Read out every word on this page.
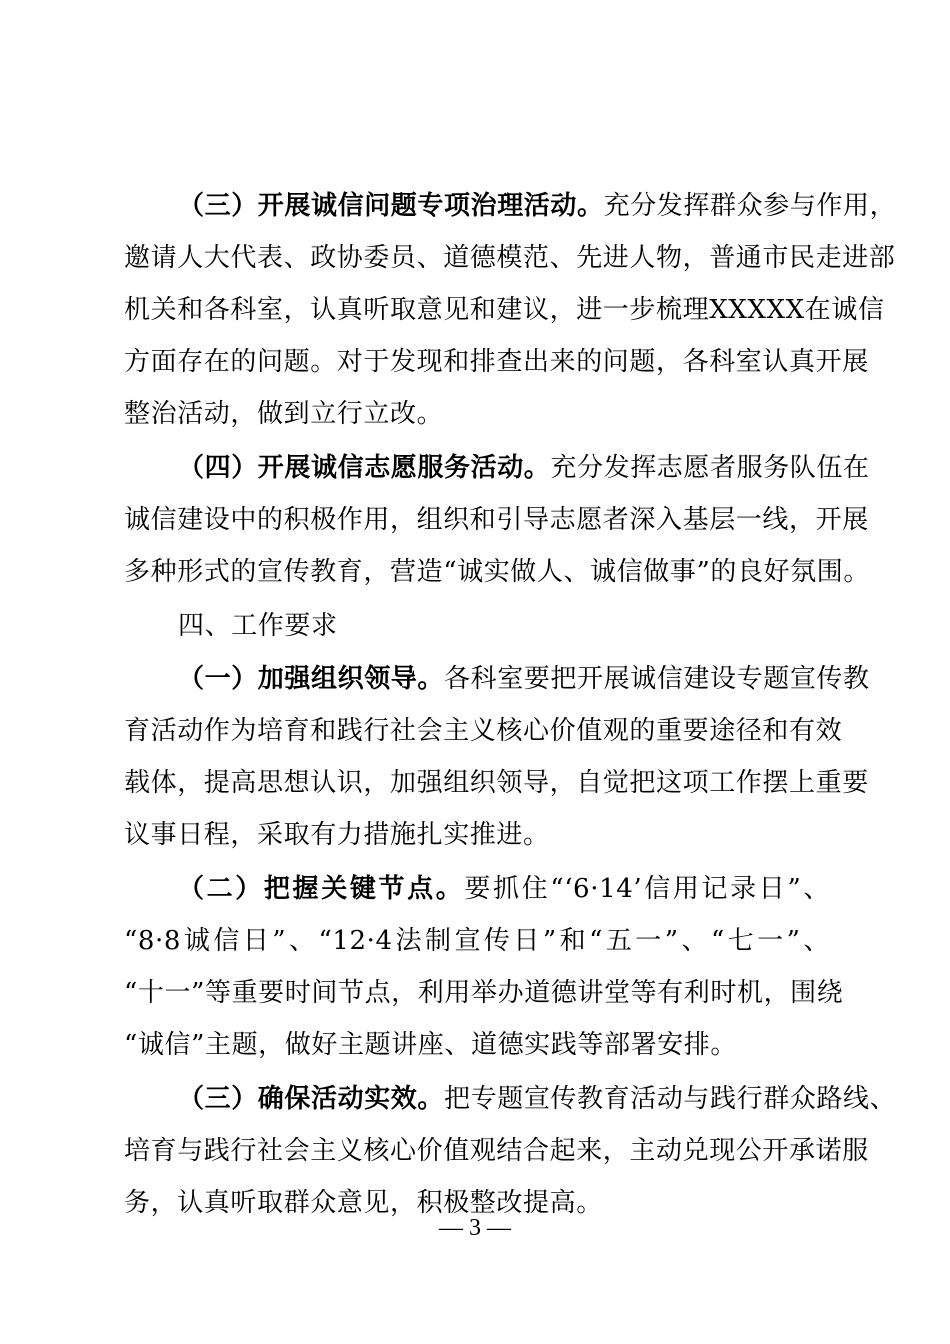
（三）开展诚信问题专项治理活动。充分发挥群众参与作用，
邀请人大代表、政协委员、道德模范、先进人物，普通市民走进部
机关和各科室，认真听取意见和建议，进一步梳理XXXXX在诚信
方面存在的问题。对于发现和排查出来的问题，各科室认真开展
整治活动，做到立行立改。
（四）开展诚信志愿服务活动。充分发挥志愿者服务队伍在
诚信建设中的积极作用，组织和引导志愿者深入基层一线，开展
多种形式的宣传教育，营造“诚实做人、诚信做事”的良好氛围。
四、工作要求
（一）加强组织领导。各科室要把开展诚信建设专题宣传教
育活动作为培育和践行社会主义核心价值观的重要途径和有效
载体，提高思想认识，加强组织领导，自觉把这项工作摆上重要
议事日程，采取有力措施扎实推进。
（二）把握关键节点。要抓住“‘6·14’信用记录日”、
“8·8诚信日”、“12·4法制宣传日”和“五一”、“七一”、
“十一”等重要时间节点，利用举办道德讲堂等有利时机，围绕
“诚信”主题，做好主题讲座、道德实践等部署安排。
（三）确保活动实效。把专题宣传教育活动与践行群众路线、
培育与践行社会主义核心价值观结合起来，主动兑现公开承诺服
务，认真听取群众意见，积极整改提高。
— 3 —
